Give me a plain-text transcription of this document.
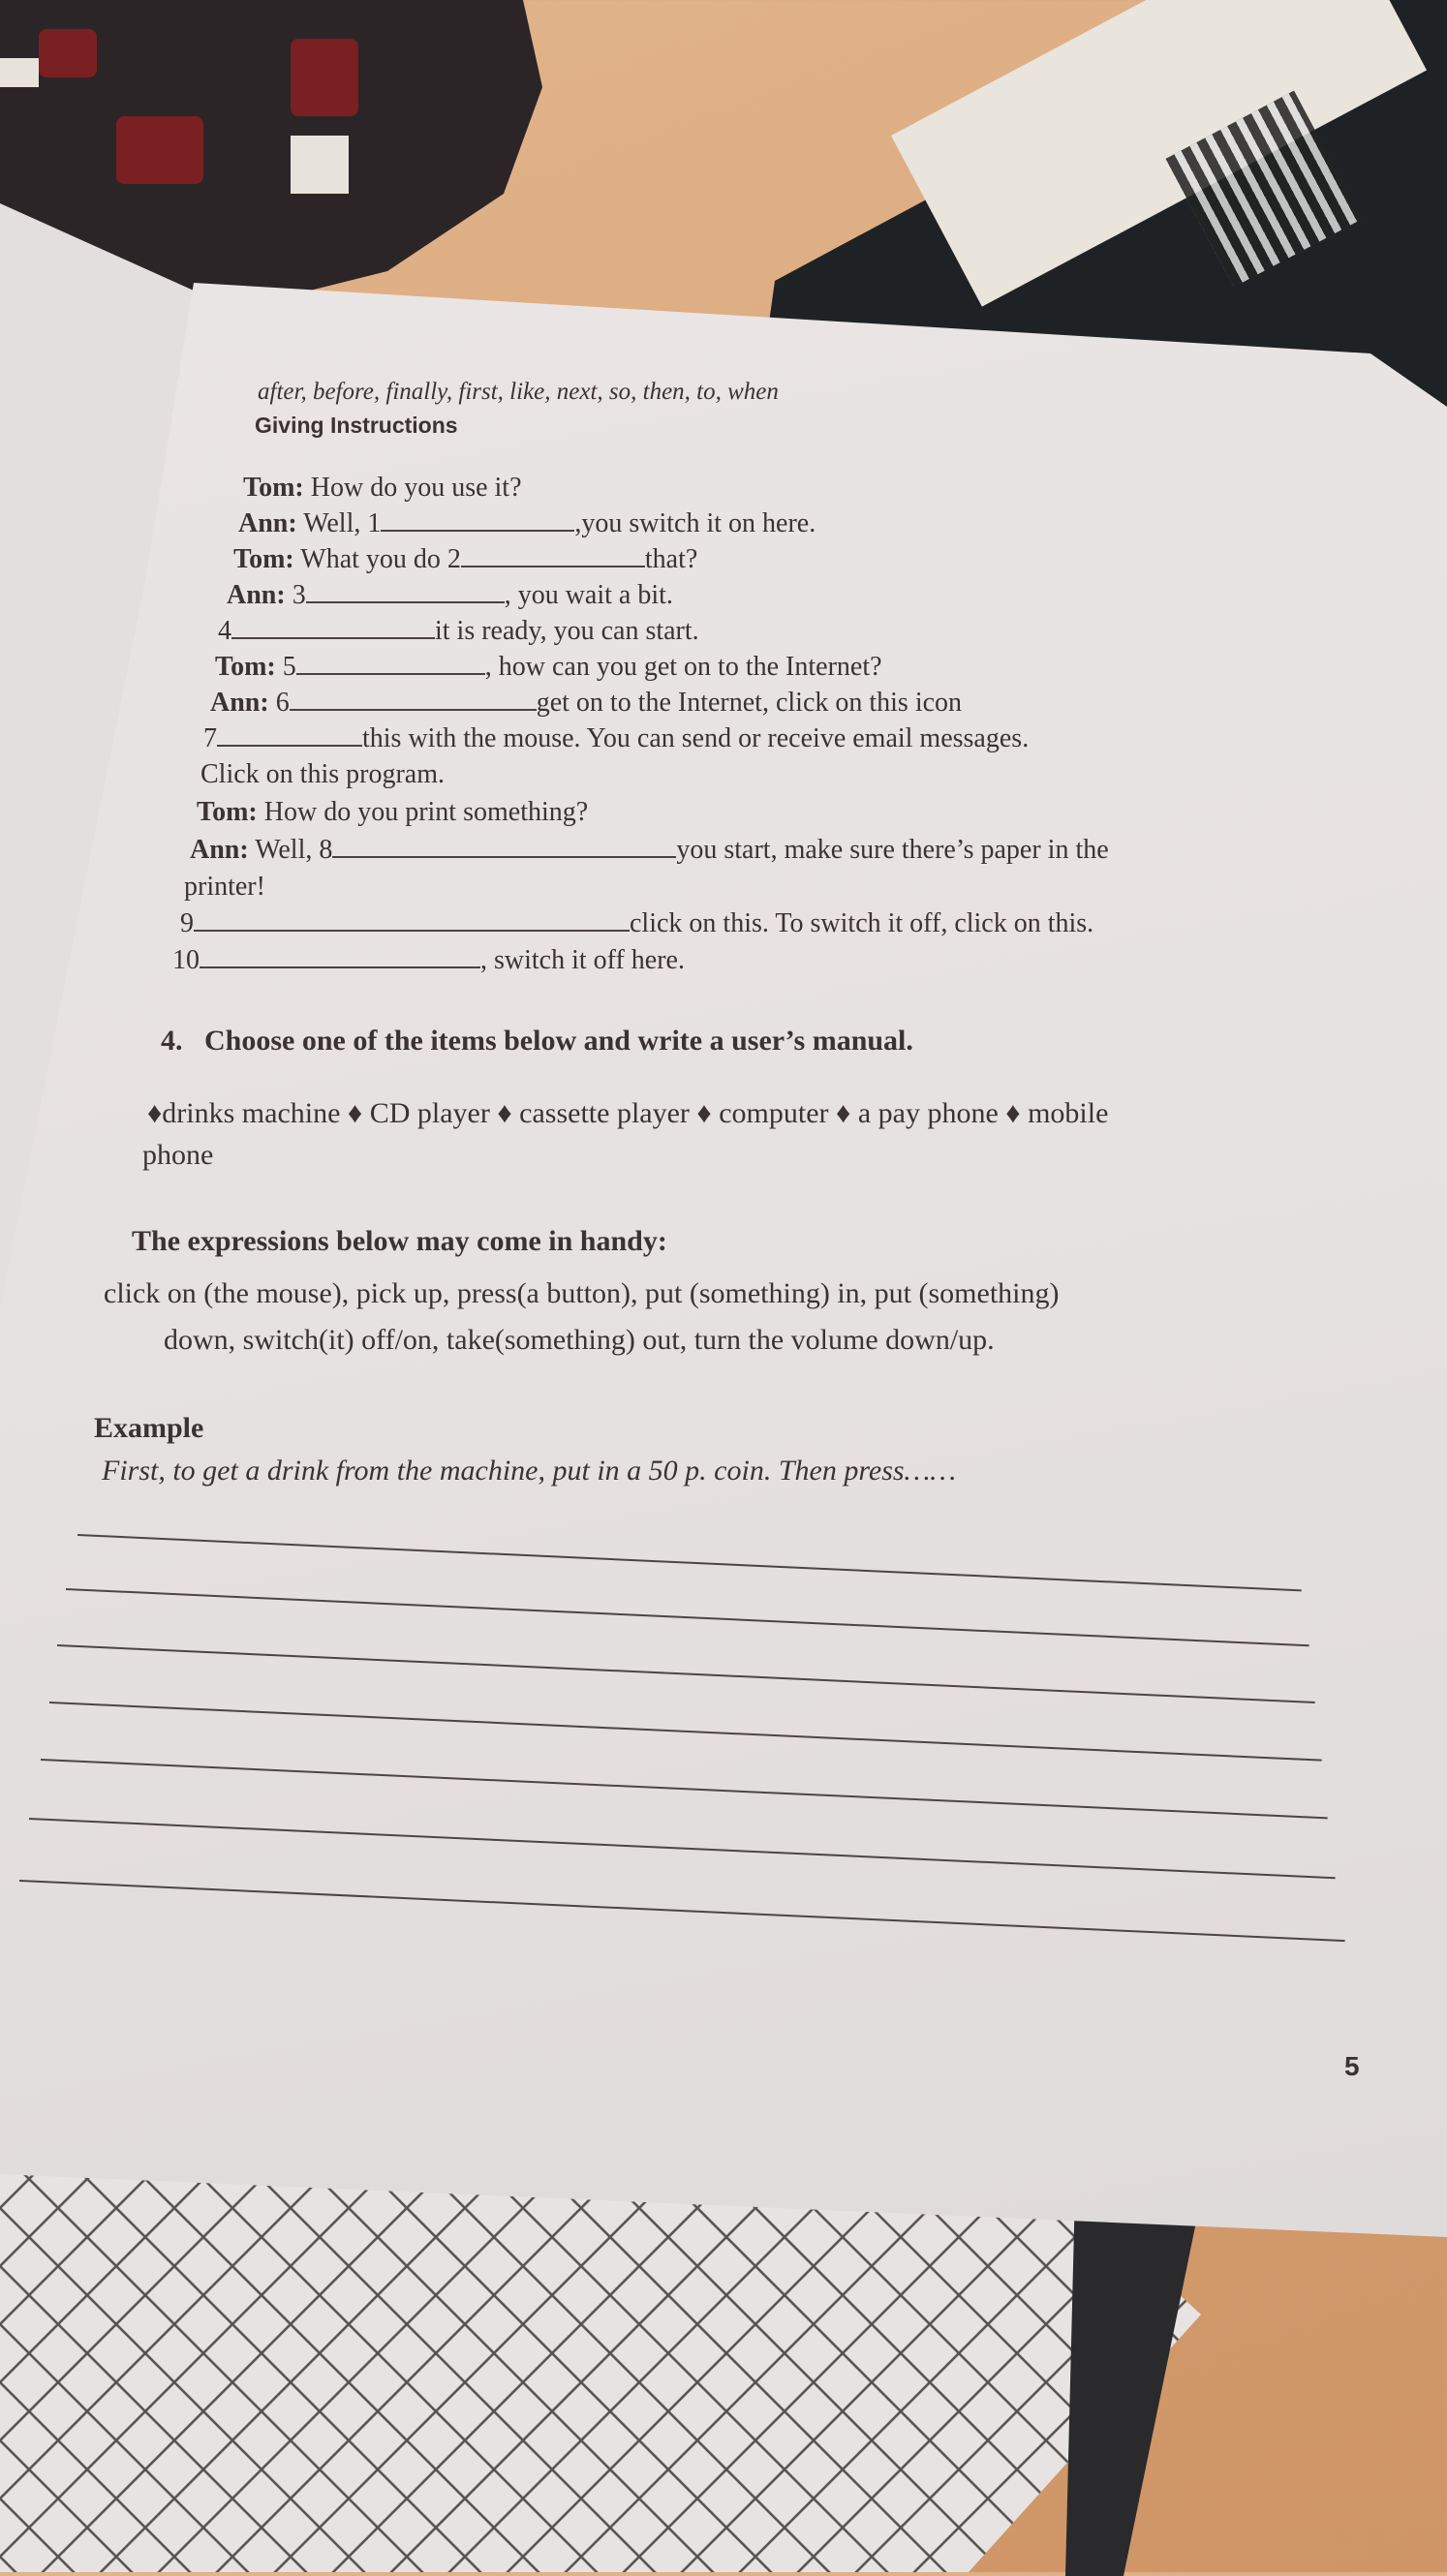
after, before, finally, first, like, next, so, then, to, when
Giving Instructions
Tom: How do you use it?
Ann: Well, 1	,you switch it on here.
Tom: What you do 2	that?
Ann: 3	, you wait a bit.
4	it is ready, you can start.
Tom: 5	, how can you get on to the Internet?
Ann: 6	get on to the Internet, click on this icon
7	this with the mouse. You can send or receive email messages.
Click on this program.
Tom: How do you print something?
Ann: Well, 8	you start, make sure there’s paper in the
printer!
9	click on this. To switch it off, click on this.
10	, switch it off here.
4. Choose one of the items below and write a user’s manual.
♦drinks machine ♦ CD player ♦ cassette player ♦ computer ♦ a pay phone ♦ mobile
phone
The expressions below may come in handy:
click on (the mouse), pick up, press(a button), put (something) in, put (something)
down, switch(it) off/on, take(something) out, turn the volume down/up.
Example
First, to get a drink from the machine, put in a 50 p. coin. Then press……
5
